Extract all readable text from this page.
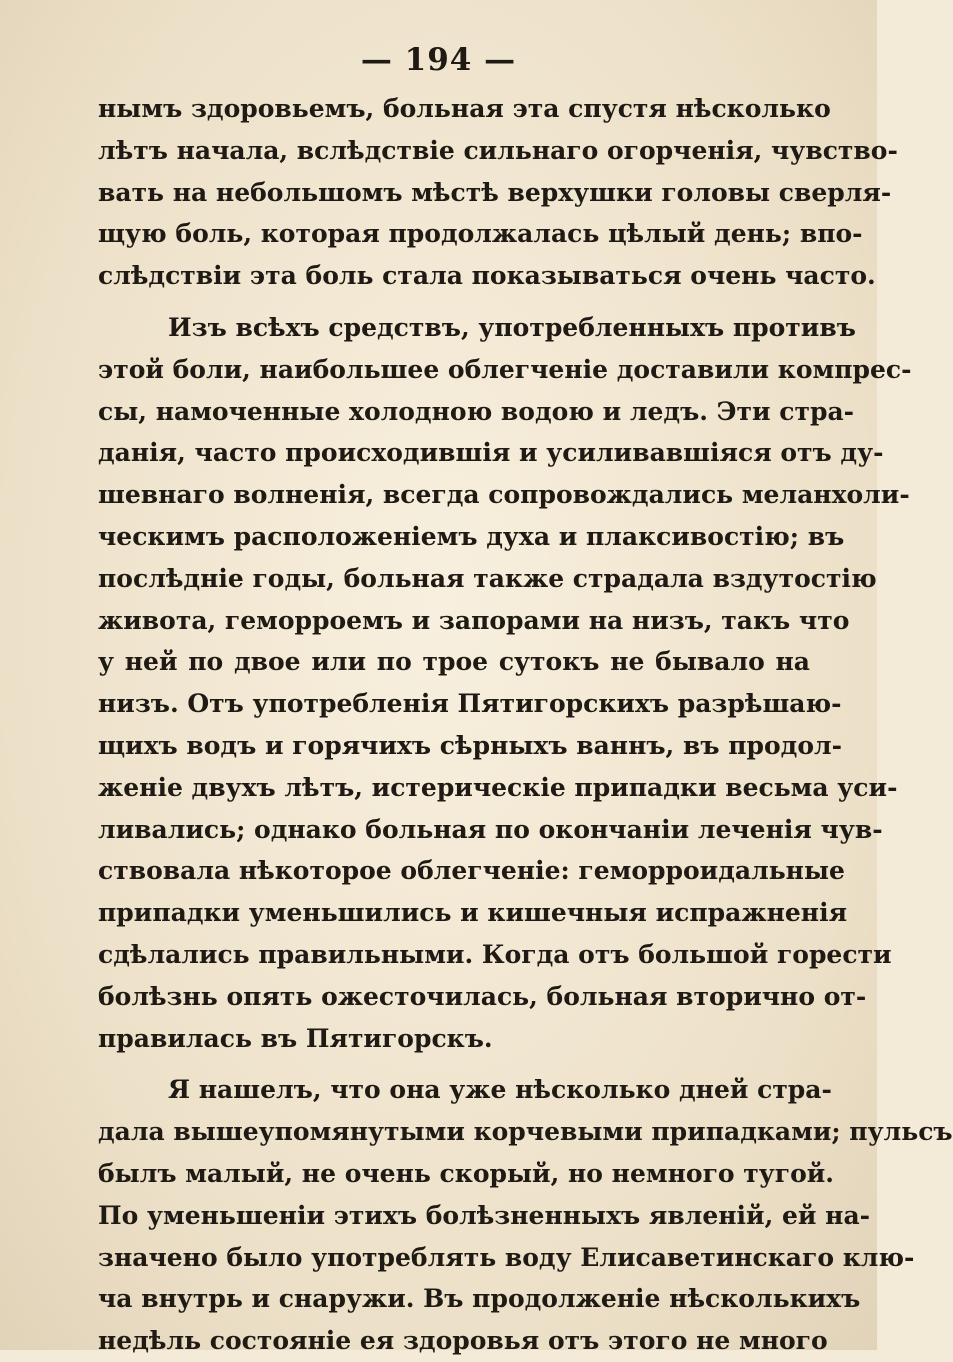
— 194 —
нымъ здоровьемъ, больная эта спустя нѣсколько
лѣтъ начала, вслѣдствіе сильнаго огорченія, чувство-
вать на небольшомъ мѣстѣ верхушки головы сверля-
щую боль, которая продолжалась цѣлый день; впо-
слѣдствіи эта боль стала показываться очень часто.
Изъ всѣхъ средствъ, употребленныхъ противъ
этой боли, наибольшее облегченіе доставили компрес-
сы, намоченные холодною водою и ледъ. Эти стра-
данія, часто происходившія и усиливавшіяся отъ ду-
шевнаго волненія, всегда сопровождались меланхоли-
ческимъ расположеніемъ духа и плаксивостію; въ
послѣдніе годы, больная также страдала вздутостію
живота, геморроемъ и запорами на низъ, такъ что
у ней по двое или по трое сутокъ не бывало на
низъ. Отъ употребленія Пятигорскихъ разрѣшаю-
щихъ водъ и горячихъ сѣрныхъ ваннъ, въ продол-
женіе двухъ лѣтъ, истерическіе припадки весьма уси-
ливались; однако больная по окончаніи леченія чув-
ствовала нѣкоторое облегченіе: геморроидальные
припадки уменьшились и кишечныя испражненія
сдѣлались правильными. Когда отъ большой горести
болѣзнь опять ожесточилась, больная вторично от-
правилась въ Пятигорскъ.
Я нашелъ, что она уже нѣсколько дней стра-
дала вышеупомянутыми корчевыми припадками; пульсъ
былъ малый, не очень скорый, но немного тугой.
По уменьшеніи этихъ болѣзненныхъ явленій, ей на-
значено было употреблять воду Елисаветинскаго клю-
ча внутрь и снаружи. Въ продолженіе нѣсколькихъ
недѣль состояніе ея здоровья отъ этого не много
